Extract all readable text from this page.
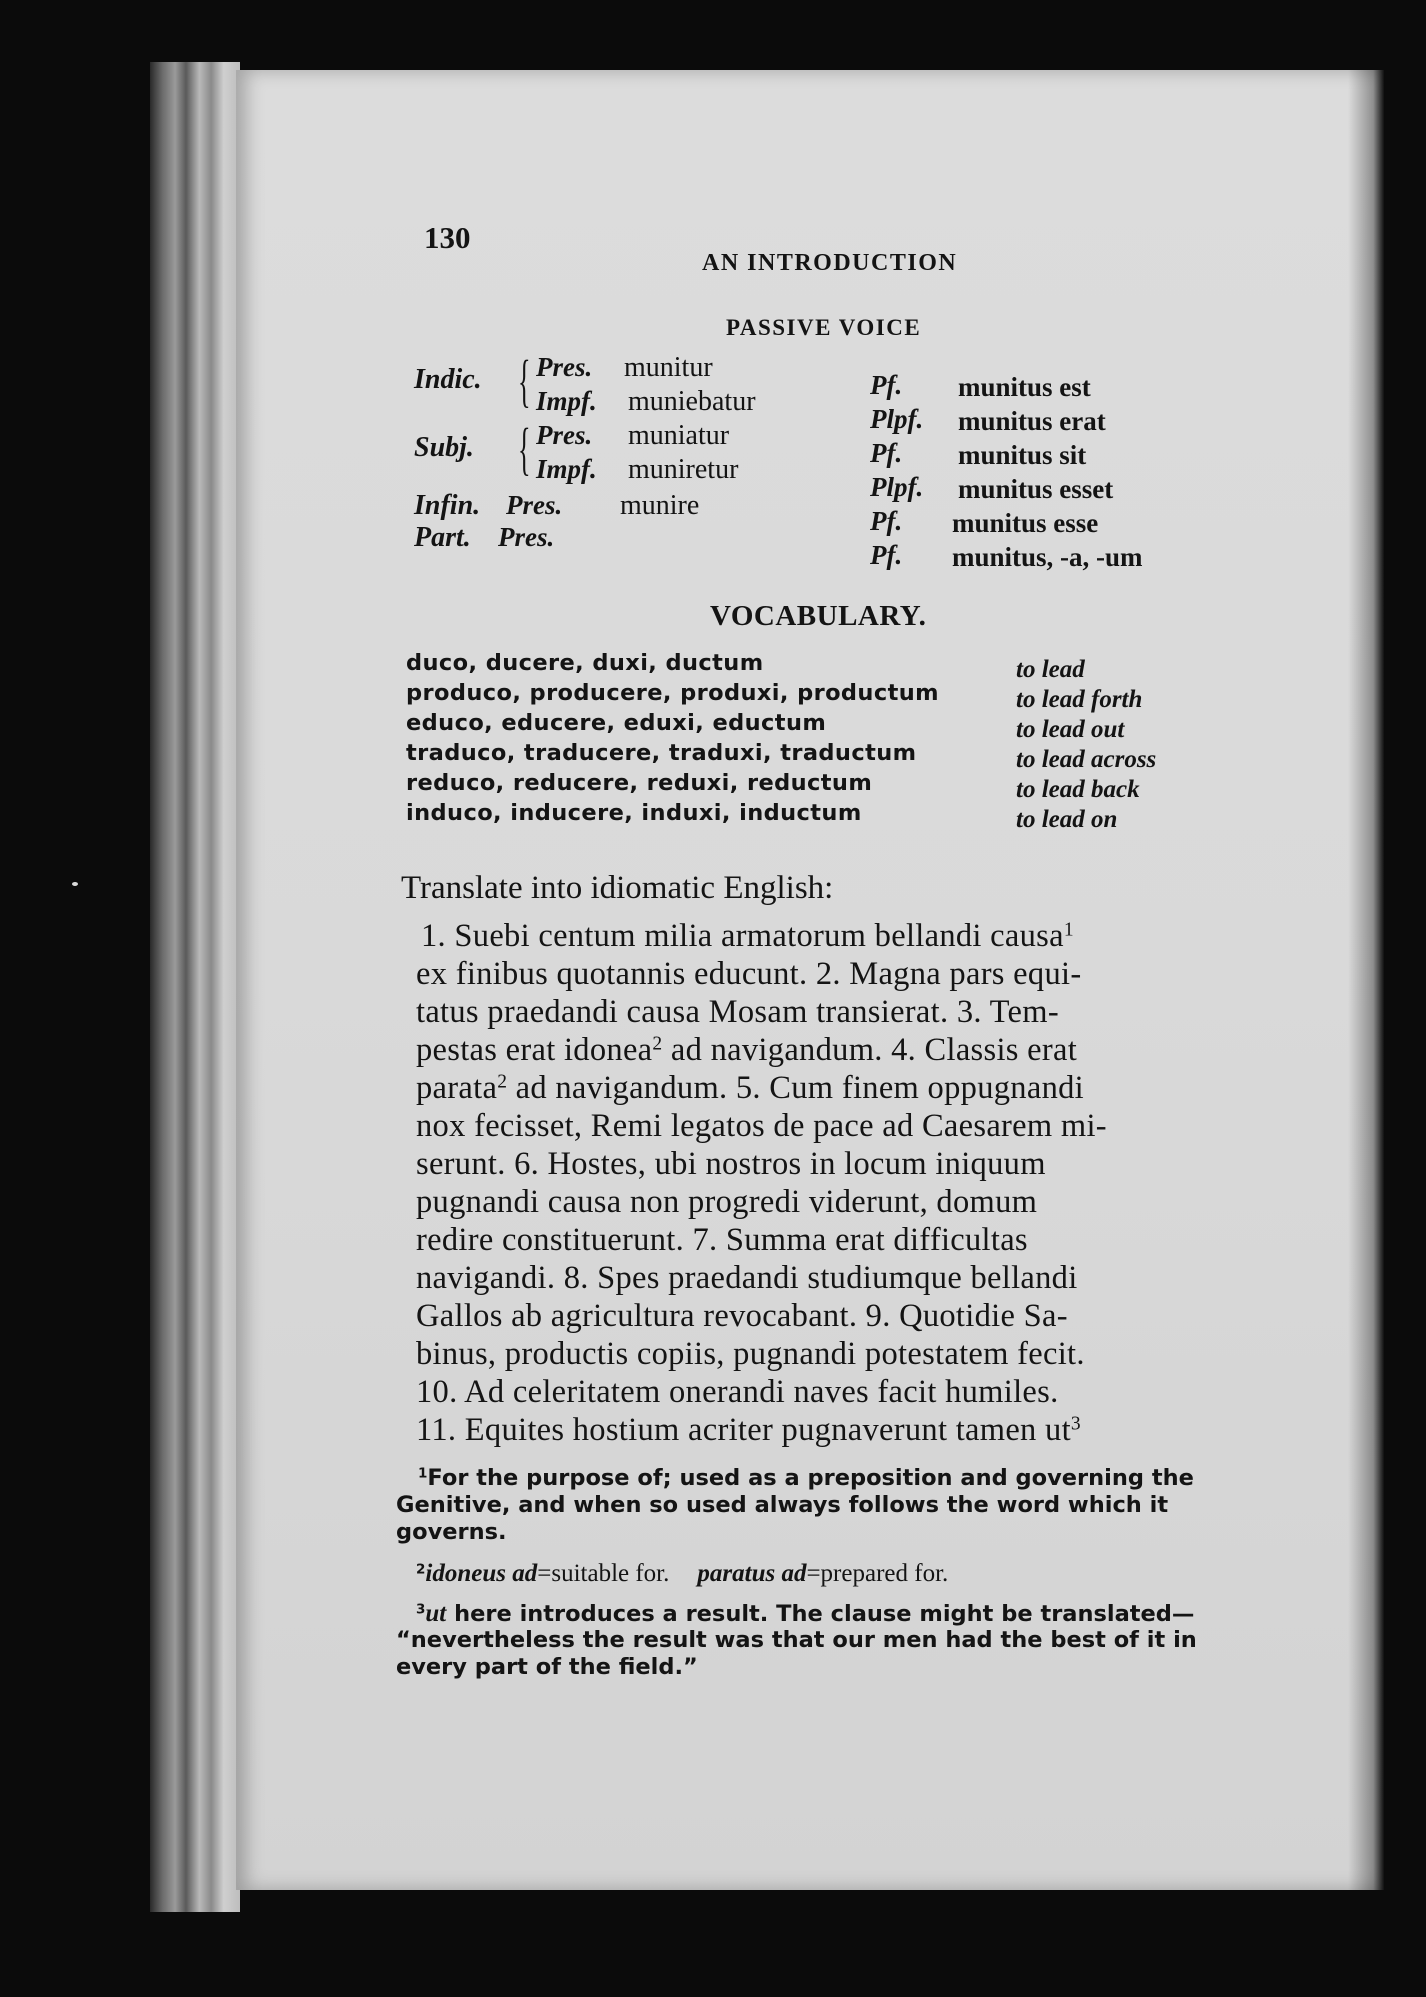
130
AN INTRODUCTION
PASSIVE VOICE
Indic. { Pres. munitur
Impf. muniebatur
Subj. { Pres. muniatur
Impf. muniretur
Infin. Pres. munire
Part. Pres.
Pf. munitus est
Plpf. munitus erat
Pf. munitus sit
Plpf. munitus esset
Pf. munitus esse
Pf. munitus, -a, -um
VOCABULARY.
duco, ducere, duxi, ductum	to lead
produco, producere, produxi, productum	to lead forth
educo, educere, eduxi, eductum	to lead out
traduco, traducere, traduxi, traductum	to lead across
reduco, reducere, reduxi, reductum	to lead back
induco, inducere, induxi, inductum	to lead on
Translate into idiomatic English:
1. Suebi centum milia armatorum bellandi causa$^1$
ex finibus quotannis educunt. 2. Magna pars equi-
tatus praedandi causa Mosam transierat. 3. Tem-
pestas erat idonea$^2$ ad navigandum. 4. Classis erat
parata$^2$ ad navigandum. 5. Cum finem oppugnandi
nox fecisset, Remi legatos de pace ad Caesarem mi-
serunt. 6. Hostes, ubi nostros in locum iniquum
pugnandi causa non progredi viderunt, domum
redire constituerunt. 7. Summa erat difficultas
navigandi. 8. Spes praedandi studiumque bellandi
Gallos ab agricultura revocabant. 9. Quotidie Sa-
binus, productis copiis, pugnandi potestatem fecit.
10. Ad celeritatem onerandi naves facit humiles.
11. Equites hostium acriter pugnaverunt tamen $ut^3$
$^1$For the purpose of; used as a preposition and governing the
Genitive, and when so used always follows the word which it
governs.
$^2$idoneus ad=suitable for. paratus ad=prepared for.
$^3$ut here introduces a result. The clause might be translated—
“nevertheless the result was that our men had the best of it in
every part of the field.”
